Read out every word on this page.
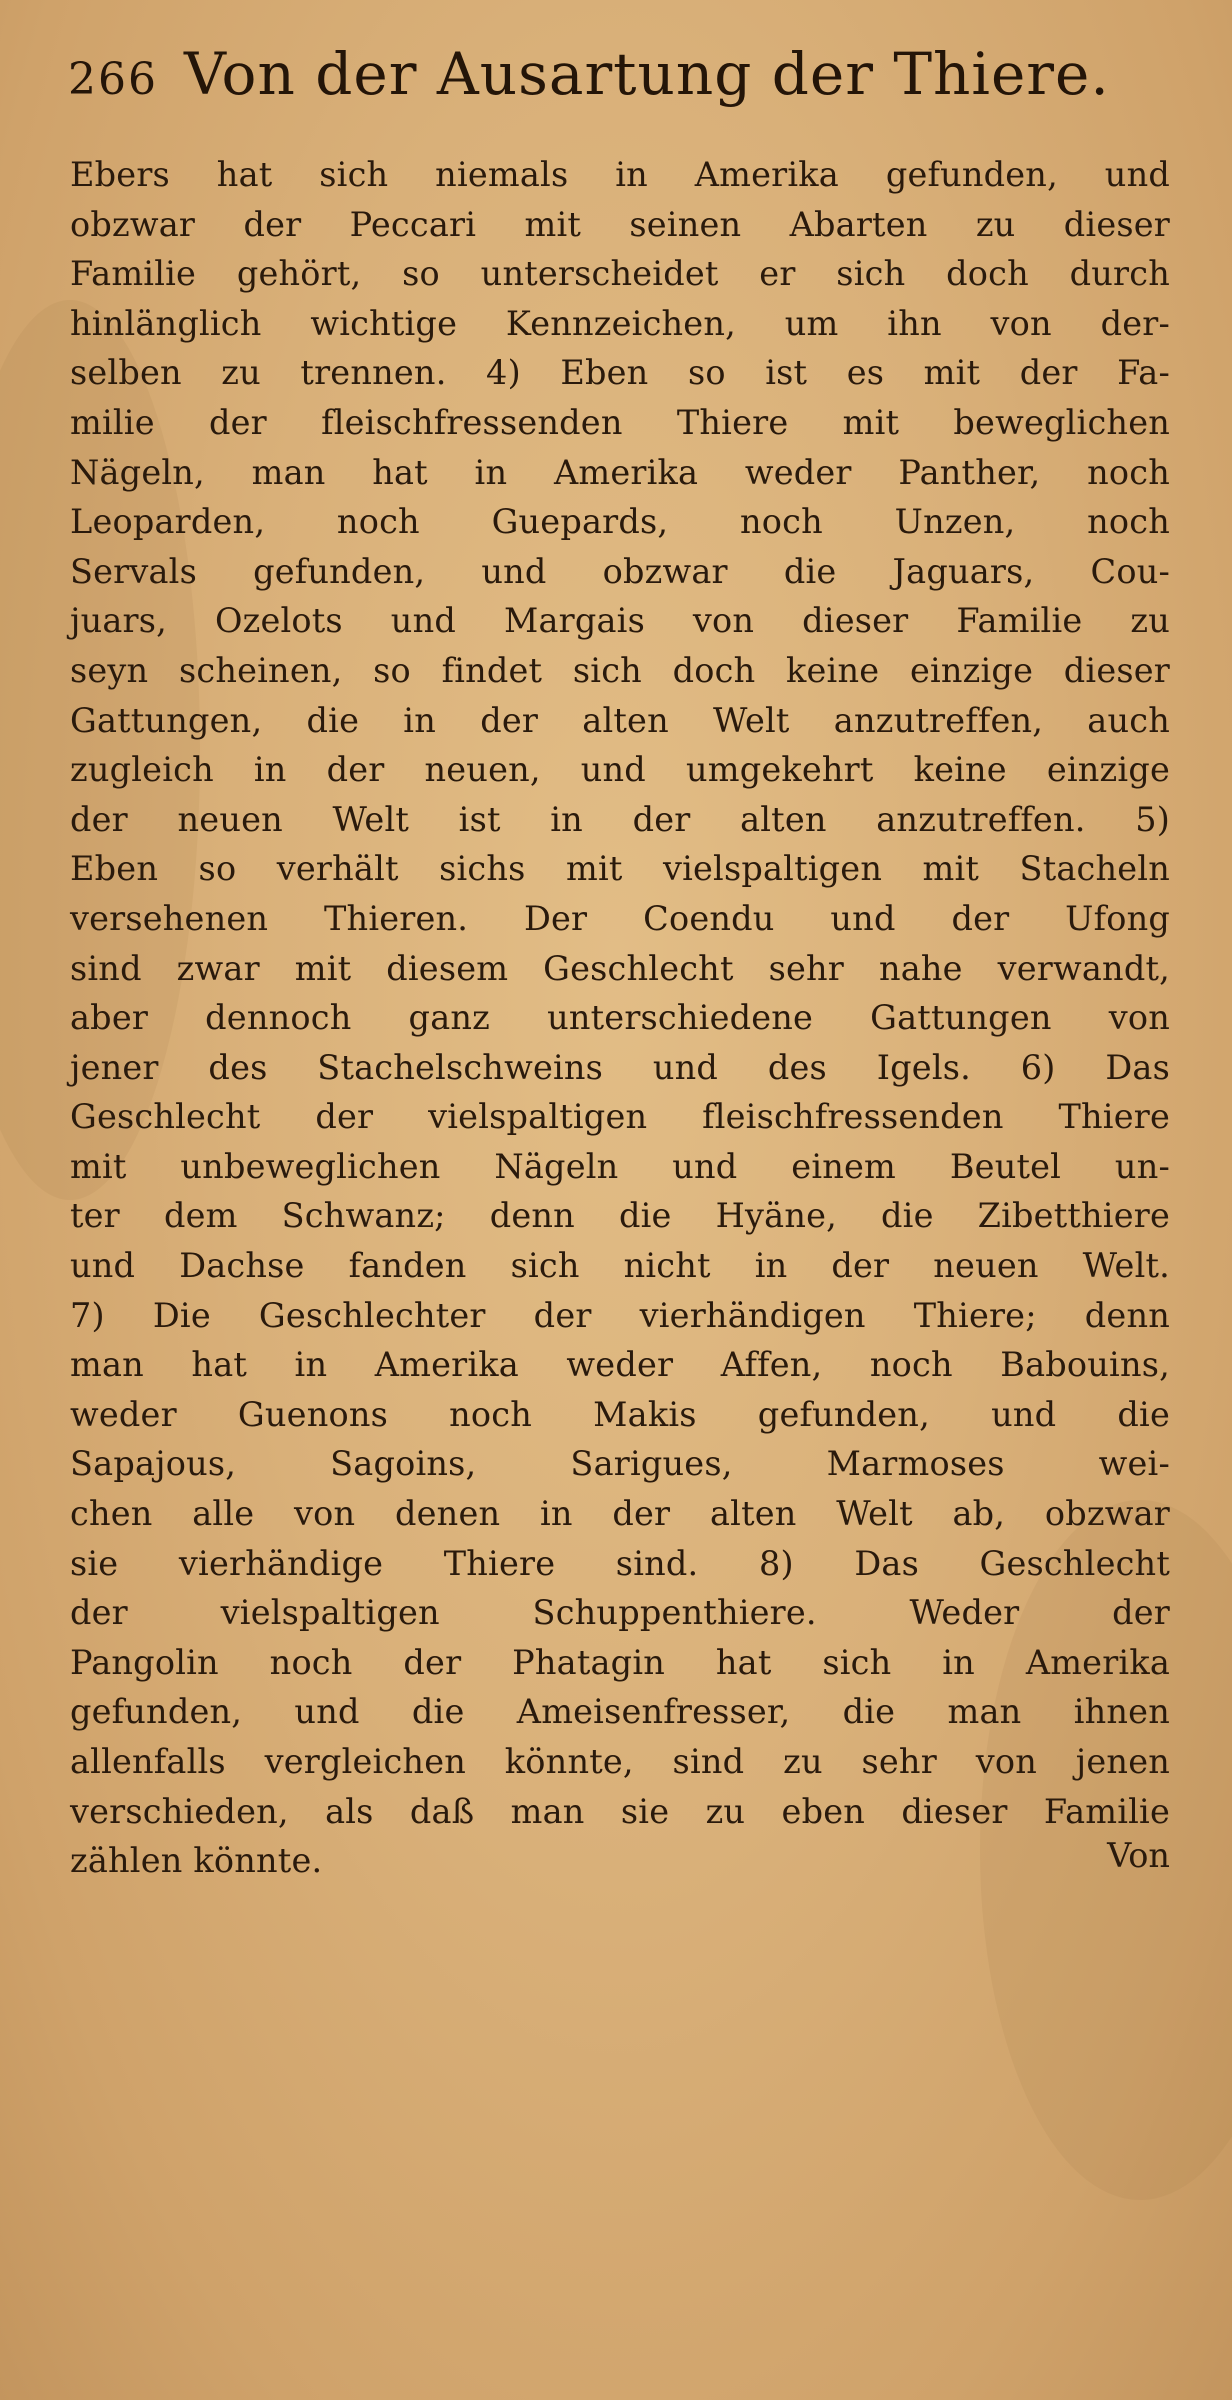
266 Von der Ausartung der Thiere.
Ebers hat sich niemals in Amerika gefunden, und
obzwar der Peccari mit seinen Abarten zu dieser
Familie gehört, so unterscheidet er sich doch durch
hinlänglich wichtige Kennzeichen, um ihn von der-
selben zu trennen. 4) Eben so ist es mit der Fa-
milie der fleischfressenden Thiere mit beweglichen
Nägeln, man hat in Amerika weder Panther, noch
Leoparden, noch Guepards, noch Unzen, noch
Servals gefunden, und obzwar die Jaguars, Cou-
juars, Ozelots und Margais von dieser Familie zu
seyn scheinen, so findet sich doch keine einzige dieser
Gattungen, die in der alten Welt anzutreffen, auch
zugleich in der neuen, und umgekehrt keine einzige
der neuen Welt ist in der alten anzutreffen. 5)
Eben so verhält sichs mit vielspaltigen mit Stacheln
versehenen Thieren. Der Coendu und der Ufong
sind zwar mit diesem Geschlecht sehr nahe verwandt,
aber dennoch ganz unterschiedene Gattungen von
jener des Stachelschweins und des Igels. 6) Das
Geschlecht der vielspaltigen fleischfressenden Thiere
mit unbeweglichen Nägeln und einem Beutel un-
ter dem Schwanz; denn die Hyäne, die Zibetthiere
und Dachse fanden sich nicht in der neuen Welt.
7) Die Geschlechter der vierhändigen Thiere; denn
man hat in Amerika weder Affen, noch Babouins,
weder Guenons noch Makis gefunden, und die
Sapajous, Sagoins, Sarigues, Marmoses wei-
chen alle von denen in der alten Welt ab, obzwar
sie vierhändige Thiere sind. 8) Das Geschlecht
der vielspaltigen Schuppenthiere. Weder der
Pangolin noch der Phatagin hat sich in Amerika
gefunden, und die Ameisenfresser, die man ihnen
allenfalls vergleichen könnte, sind zu sehr von jenen
verschieden, als daß man sie zu eben dieser Familie
zählen könnte.	Von
